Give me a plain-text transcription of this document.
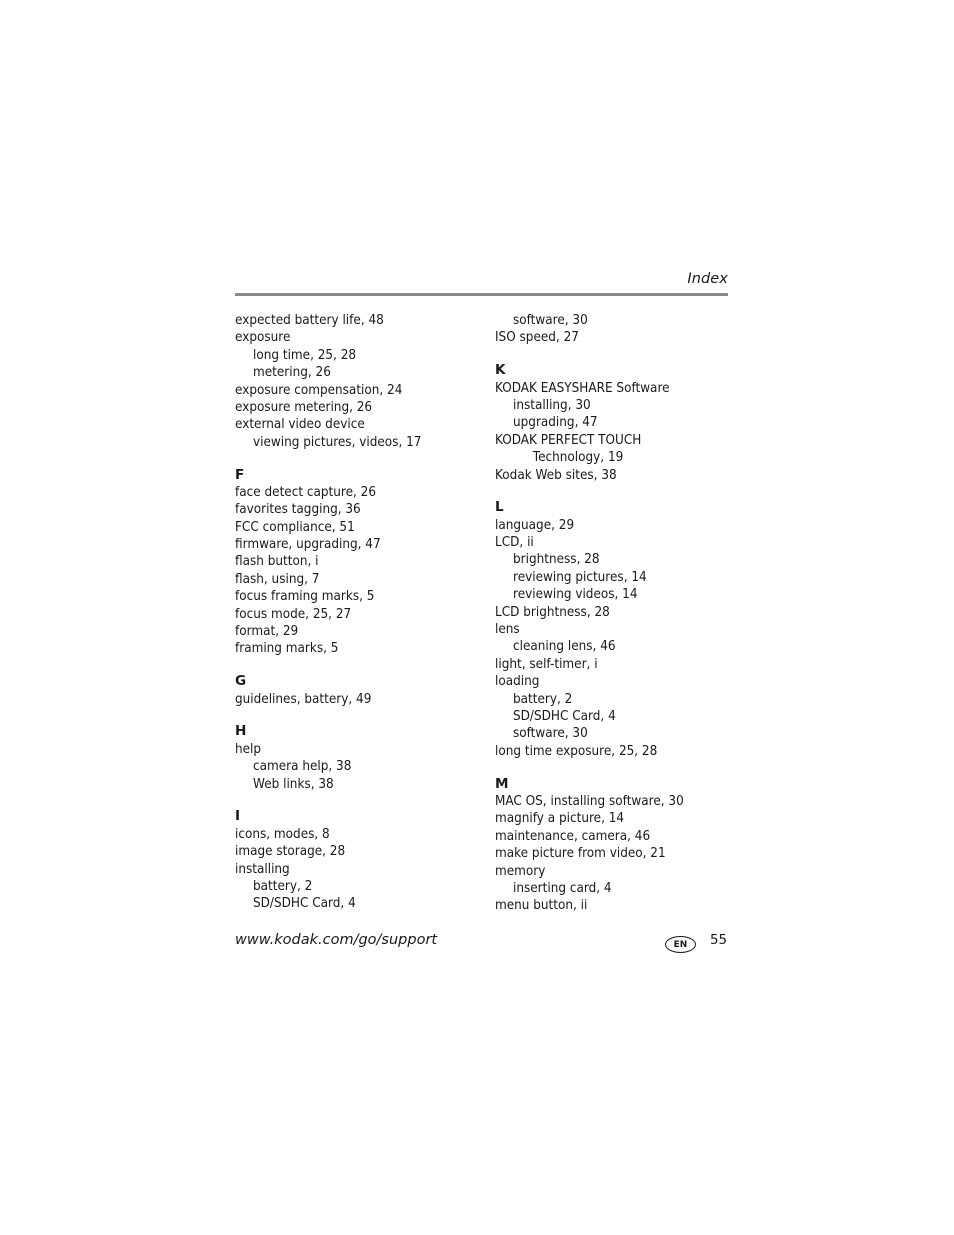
Index
expected battery life, 48
exposure
long time, 25, 28
metering, 26
exposure compensation, 24
exposure metering, 26
external video device
viewing pictures, videos, 17
F
face detect capture, 26
favorites tagging, 36
FCC compliance, 51
firmware, upgrading, 47
flash button, i
flash, using, 7
focus framing marks, 5
focus mode, 25, 27
format, 29
framing marks, 5
G
guidelines, battery, 49
H
help
camera help, 38
Web links, 38
I
icons, modes, 8
image storage, 28
installing
battery, 2
SD/SDHC Card, 4
software, 30
ISO speed, 27
K
KODAK EASYSHARE Software
installing, 30
upgrading, 47
KODAK PERFECT TOUCH
Technology, 19
Kodak Web sites, 38
L
language, 29
LCD, ii
brightness, 28
reviewing pictures, 14
reviewing videos, 14
LCD brightness, 28
lens
cleaning lens, 46
light, self-timer, i
loading
battery, 2
SD/SDHC Card, 4
software, 30
long time exposure, 25, 28
M
MAC OS, installing software, 30
magnify a picture, 14
maintenance, camera, 46
make picture from video, 21
memory
inserting card, 4
menu button, ii
www.kodak.com/go/support	EN	55
